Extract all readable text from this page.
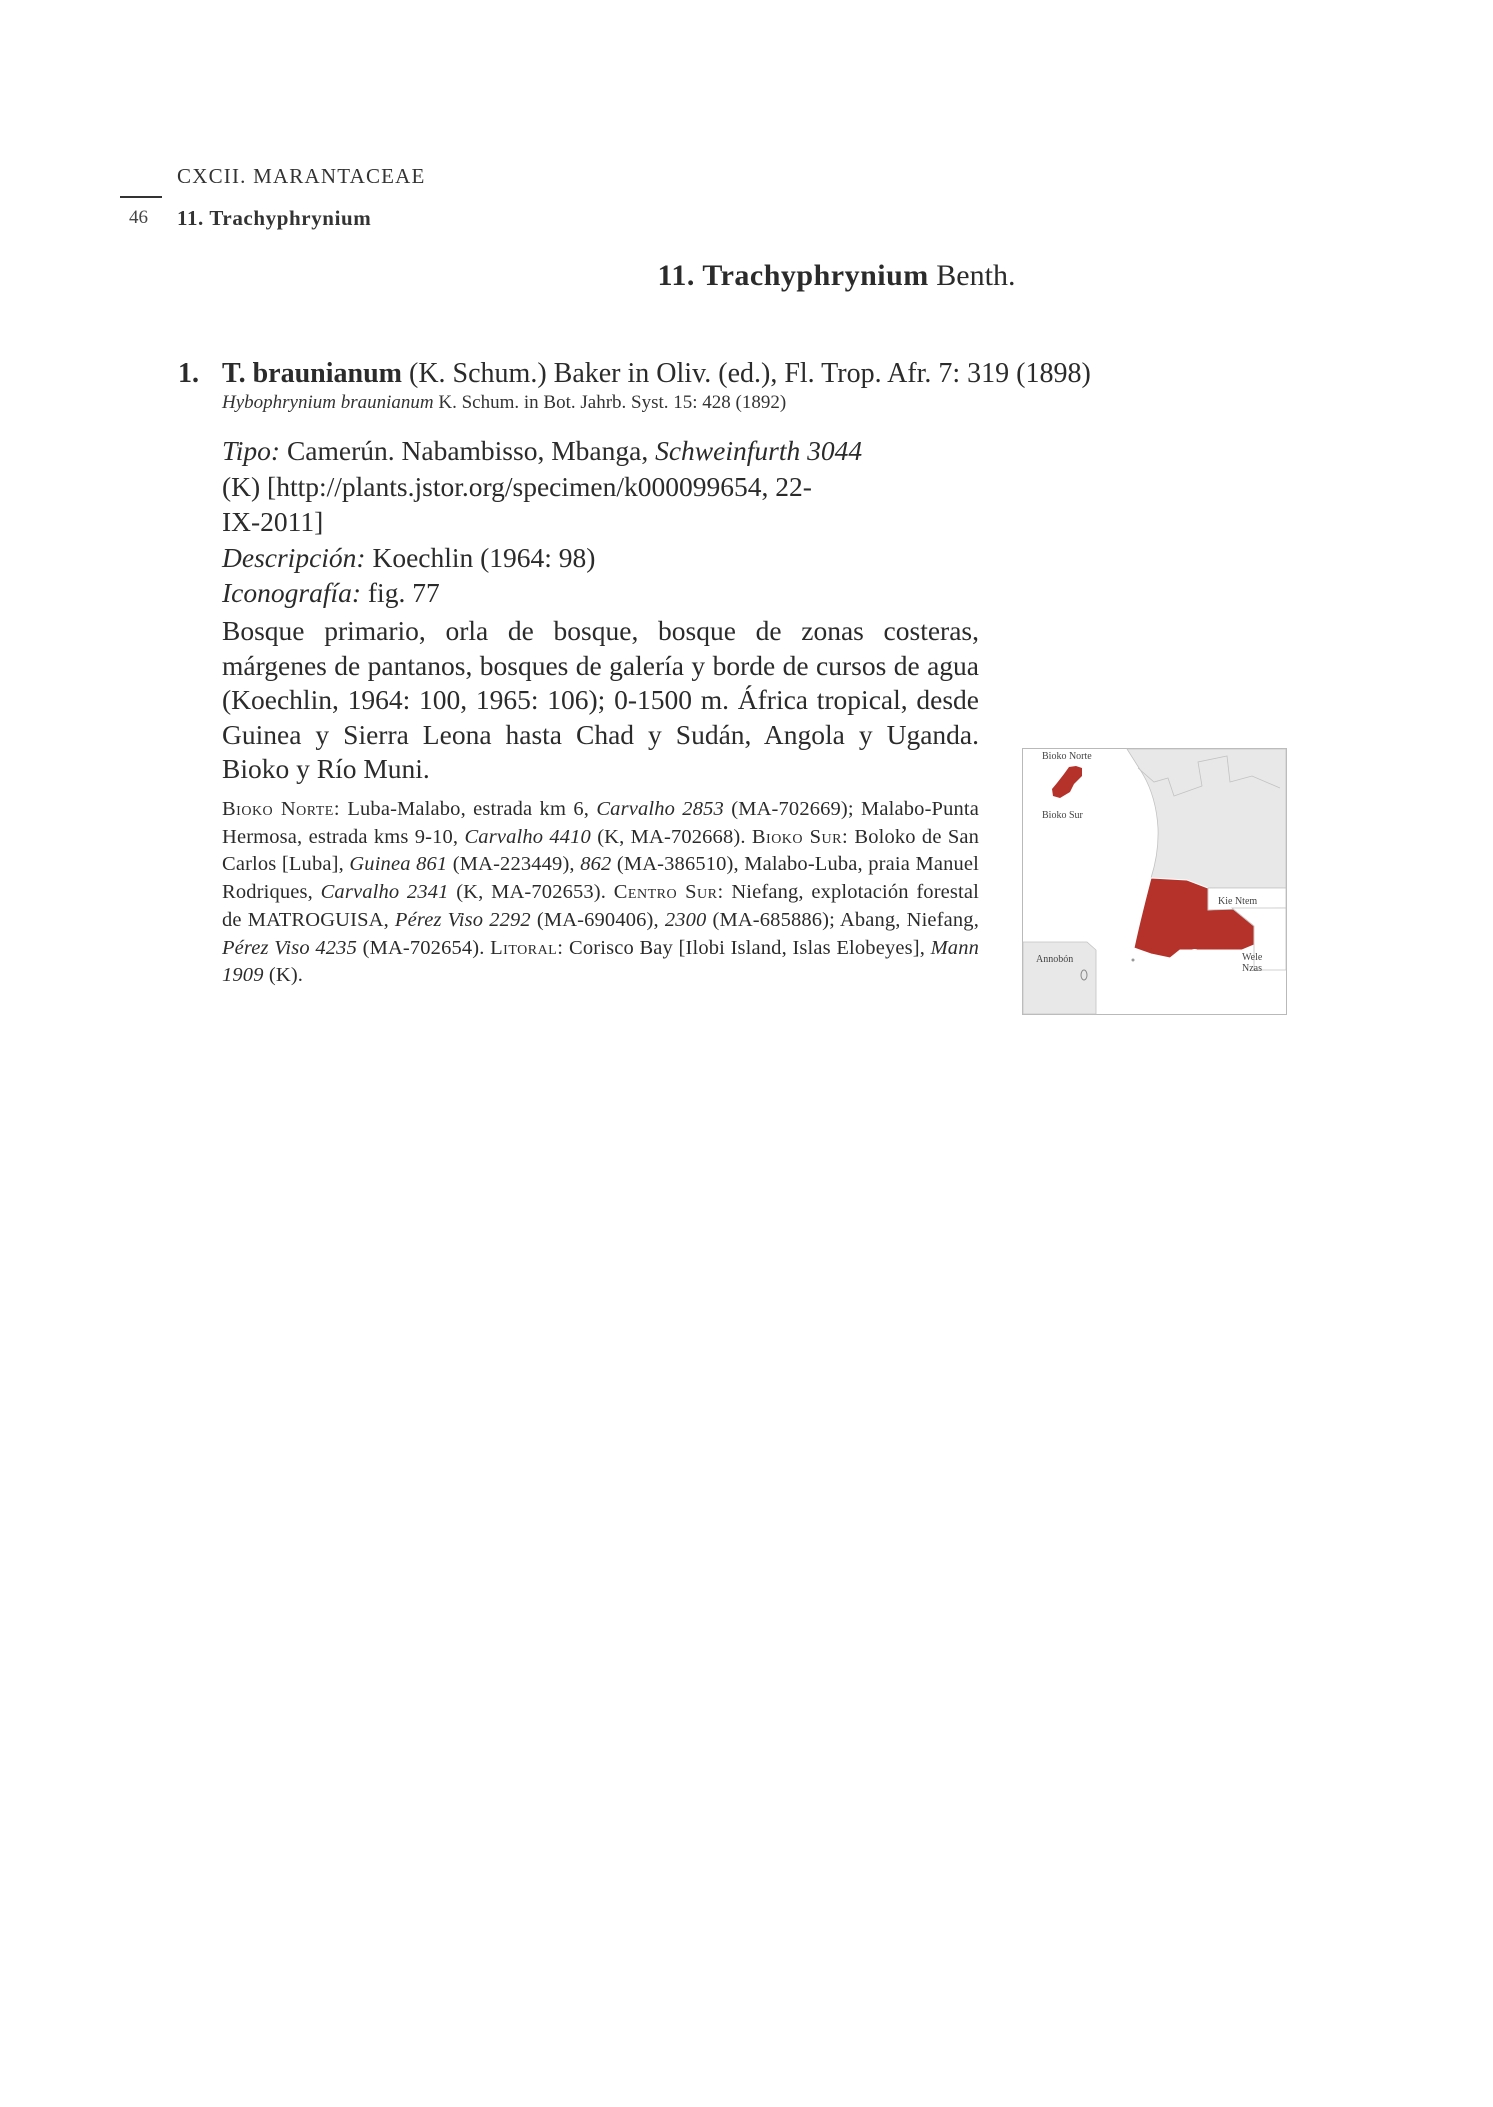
CXCII. MARANTACEAE
46 11. Trachyphrynium
11. Trachyphrynium Benth.
1. T. braunianum (K. Schum.) Baker in Oliv. (ed.), Fl. Trop. Afr. 7: 319 (1898)
Hybophrynium braunianum K. Schum. in Bot. Jahrb. Syst. 15: 428 (1892)
Tipo: Camerún. Nabambisso, Mbanga, Schweinfurth 3044
(K) [http://plants.jstor.org/specimen/k000099654, 22-
IX-2011]
Descripción: Koechlin (1964: 98)
Iconografía: fig. 77
Bosque primario, orla de bosque, bosque de zonas costeras, márgenes de pantanos, bosques de galería y borde de cursos de agua (Koechlin, 1964: 100, 1965: 106); 0-1500 m. África tropical, desde Guinea y Sierra Leona hasta Chad y Sudán, Angola y Uganda. Bioko y Río Muni.
Bioko Norte: Luba-Malabo, estrada km 6, Carvalho 2853 (MA-702669); Malabo-Punta Hermosa, estrada kms 9-10, Carvalho 4410 (K, MA-702668). Bioko Sur: Boloko de San Carlos [Luba], Guinea 861 (MA-223449), 862 (MA-386510), Malabo-Luba, praia Manuel Rodriques, Carvalho 2341 (K, MA-702653). Centro Sur: Niefang, explotación forestal de MATROGUISA, Pérez Viso 2292 (MA-690406), 2300 (MA-685886); Abang, Niefang, Pérez Viso 4235 (MA-702654). Litoral: Corisco Bay [Ilobi Island, Islas Elobeyes], Mann 1909 (K).
Bioko Norte
Bioko Sur
Kie Ntem
Annobón	Litoral
Centro
Sur
Wele
Nzas
